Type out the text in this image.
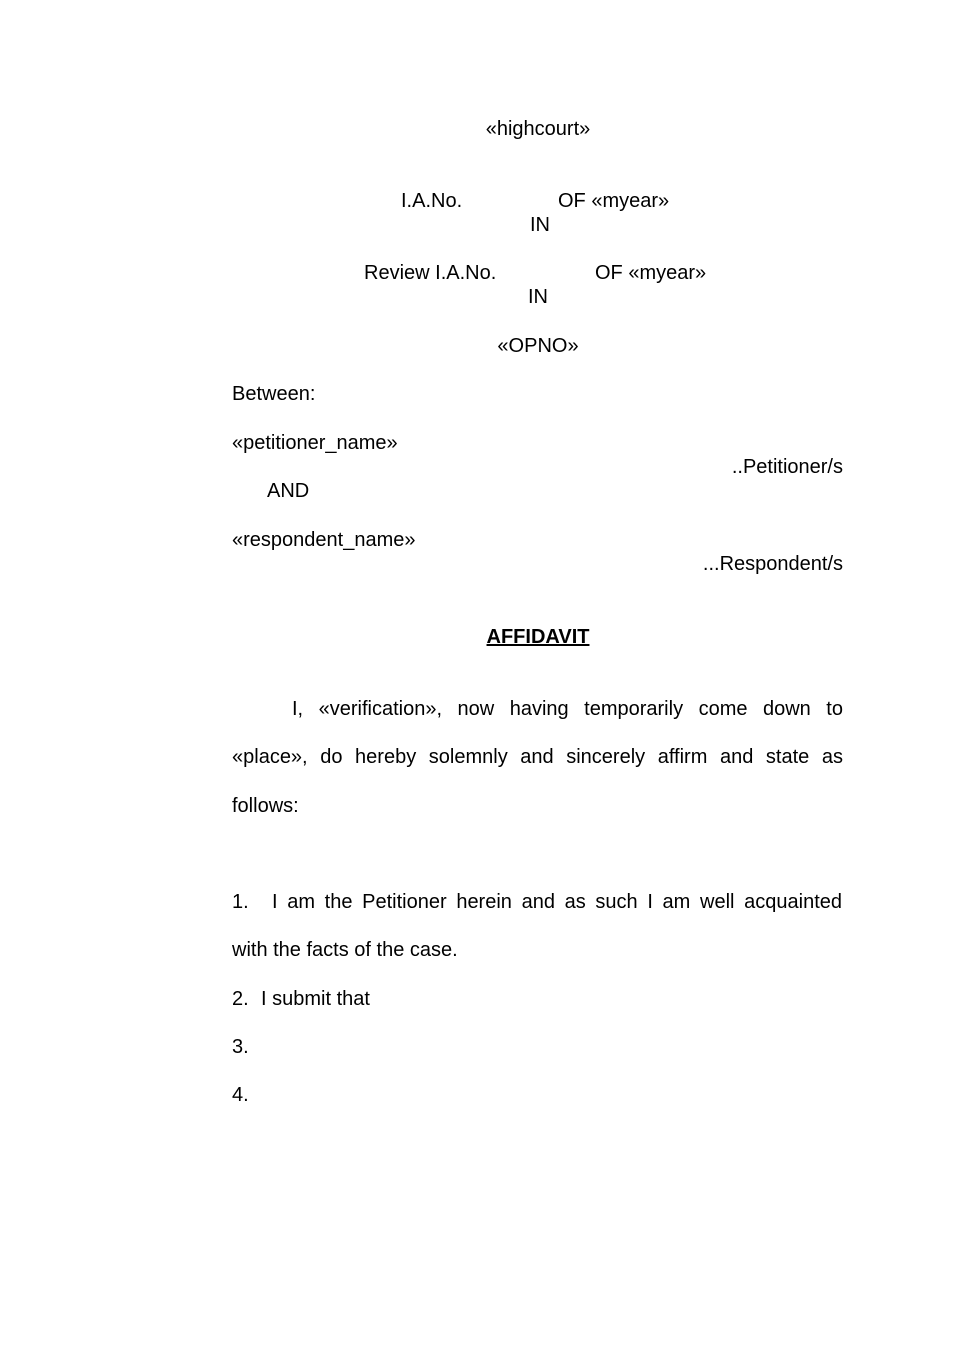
«highcourt»
I.A.No.	OF «myear»
IN
Review I.A.No.	OF «myear»
IN
«OPNO»
Between:
«petitioner_name»
..Petitioner/s
AND
«respondent_name»
...Respondent/s
AFFIDAVIT
I, «verification», now having temporarily come down to
«place», do hereby solemnly and sincerely affirm and state as
follows:
1. I am the Petitioner herein and as such I am well acquainted
with the facts of the case.
2. I submit that
3.
4.
